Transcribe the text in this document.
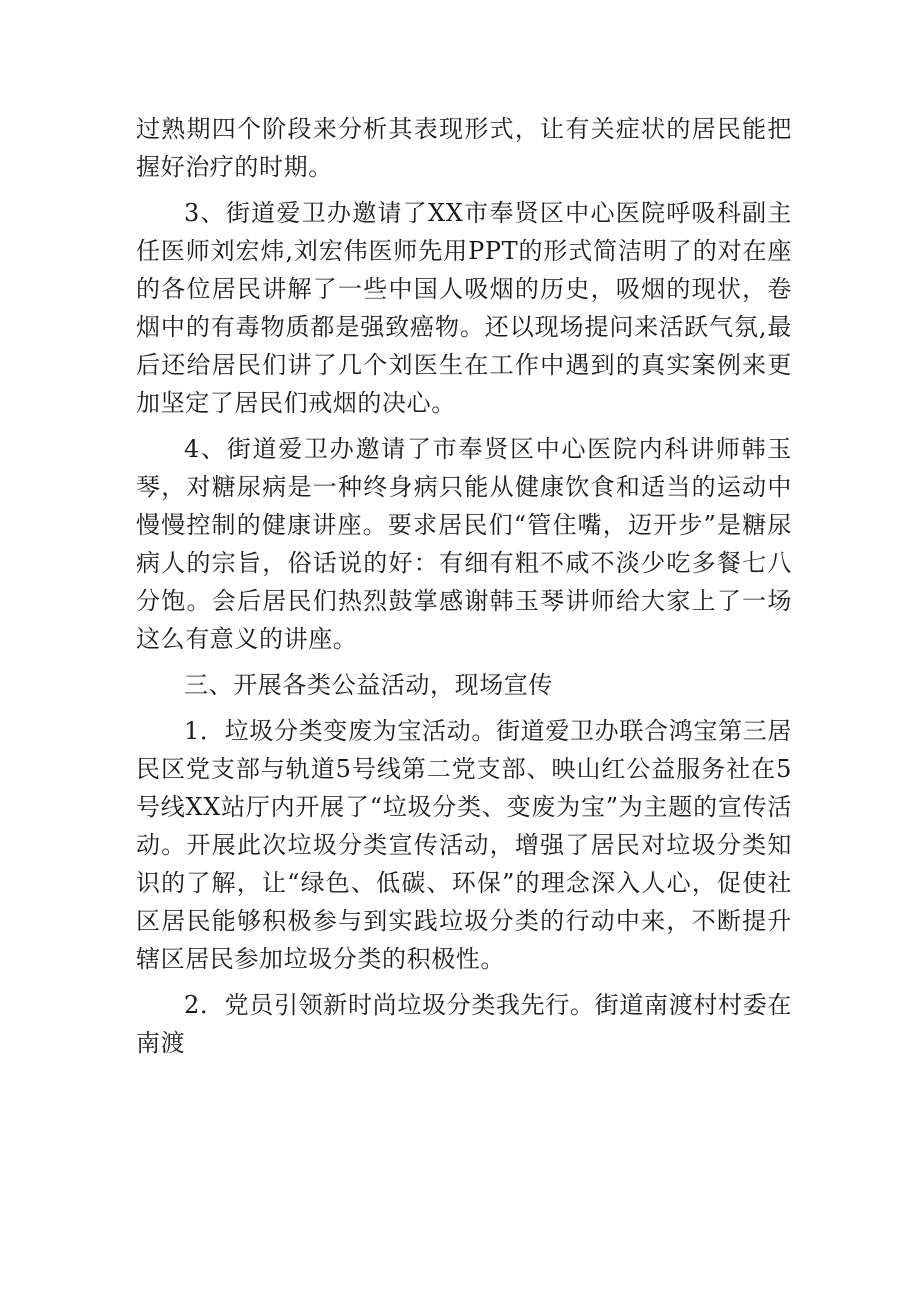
过熟期四个阶段来分析其表现形式，让有关症状的居民能把握好治疗的时期。

3、街道爱卫办邀请了XX市奉贤区中心医院呼吸科副主任医师刘宏炜,刘宏伟医师先用PPT的形式简洁明了的对在座的各位居民讲解了一些中国人吸烟的历史，吸烟的现状，卷烟中的有毒物质都是强致癌物。还以现场提问来活跃气氛,最后还给居民们讲了几个刘医生在工作中遇到的真实案例来更加坚定了居民们戒烟的决心。

4、街道爱卫办邀请了市奉贤区中心医院内科讲师韩玉琴，对糖尿病是一种终身病只能从健康饮食和适当的运动中慢慢控制的健康讲座。要求居民们“管住嘴，迈开步”是糖尿病人的宗旨，俗话说的好：有细有粗不咸不淡少吃多餐七八分饱。会后居民们热烈鼓掌感谢韩玉琴讲师给大家上了一场这么有意义的讲座。

三、开展各类公益活动，现场宣传

1．垃圾分类变废为宝活动。街道爱卫办联合鸿宝第三居民区党支部与轨道5号线第二党支部、映山红公益服务社在5号线XX站厅内开展了“垃圾分类、变废为宝”为主题的宣传活动。开展此次垃圾分类宣传活动，增强了居民对垃圾分类知识的了解，让“绿色、低碳、环保”的理念深入人心，促使社区居民能够积极参与到实践垃圾分类的行动中来，不断提升辖区居民参加垃圾分类的积极性。

2．党员引领新时尚垃圾分类我先行。街道南渡村村委在南渡
